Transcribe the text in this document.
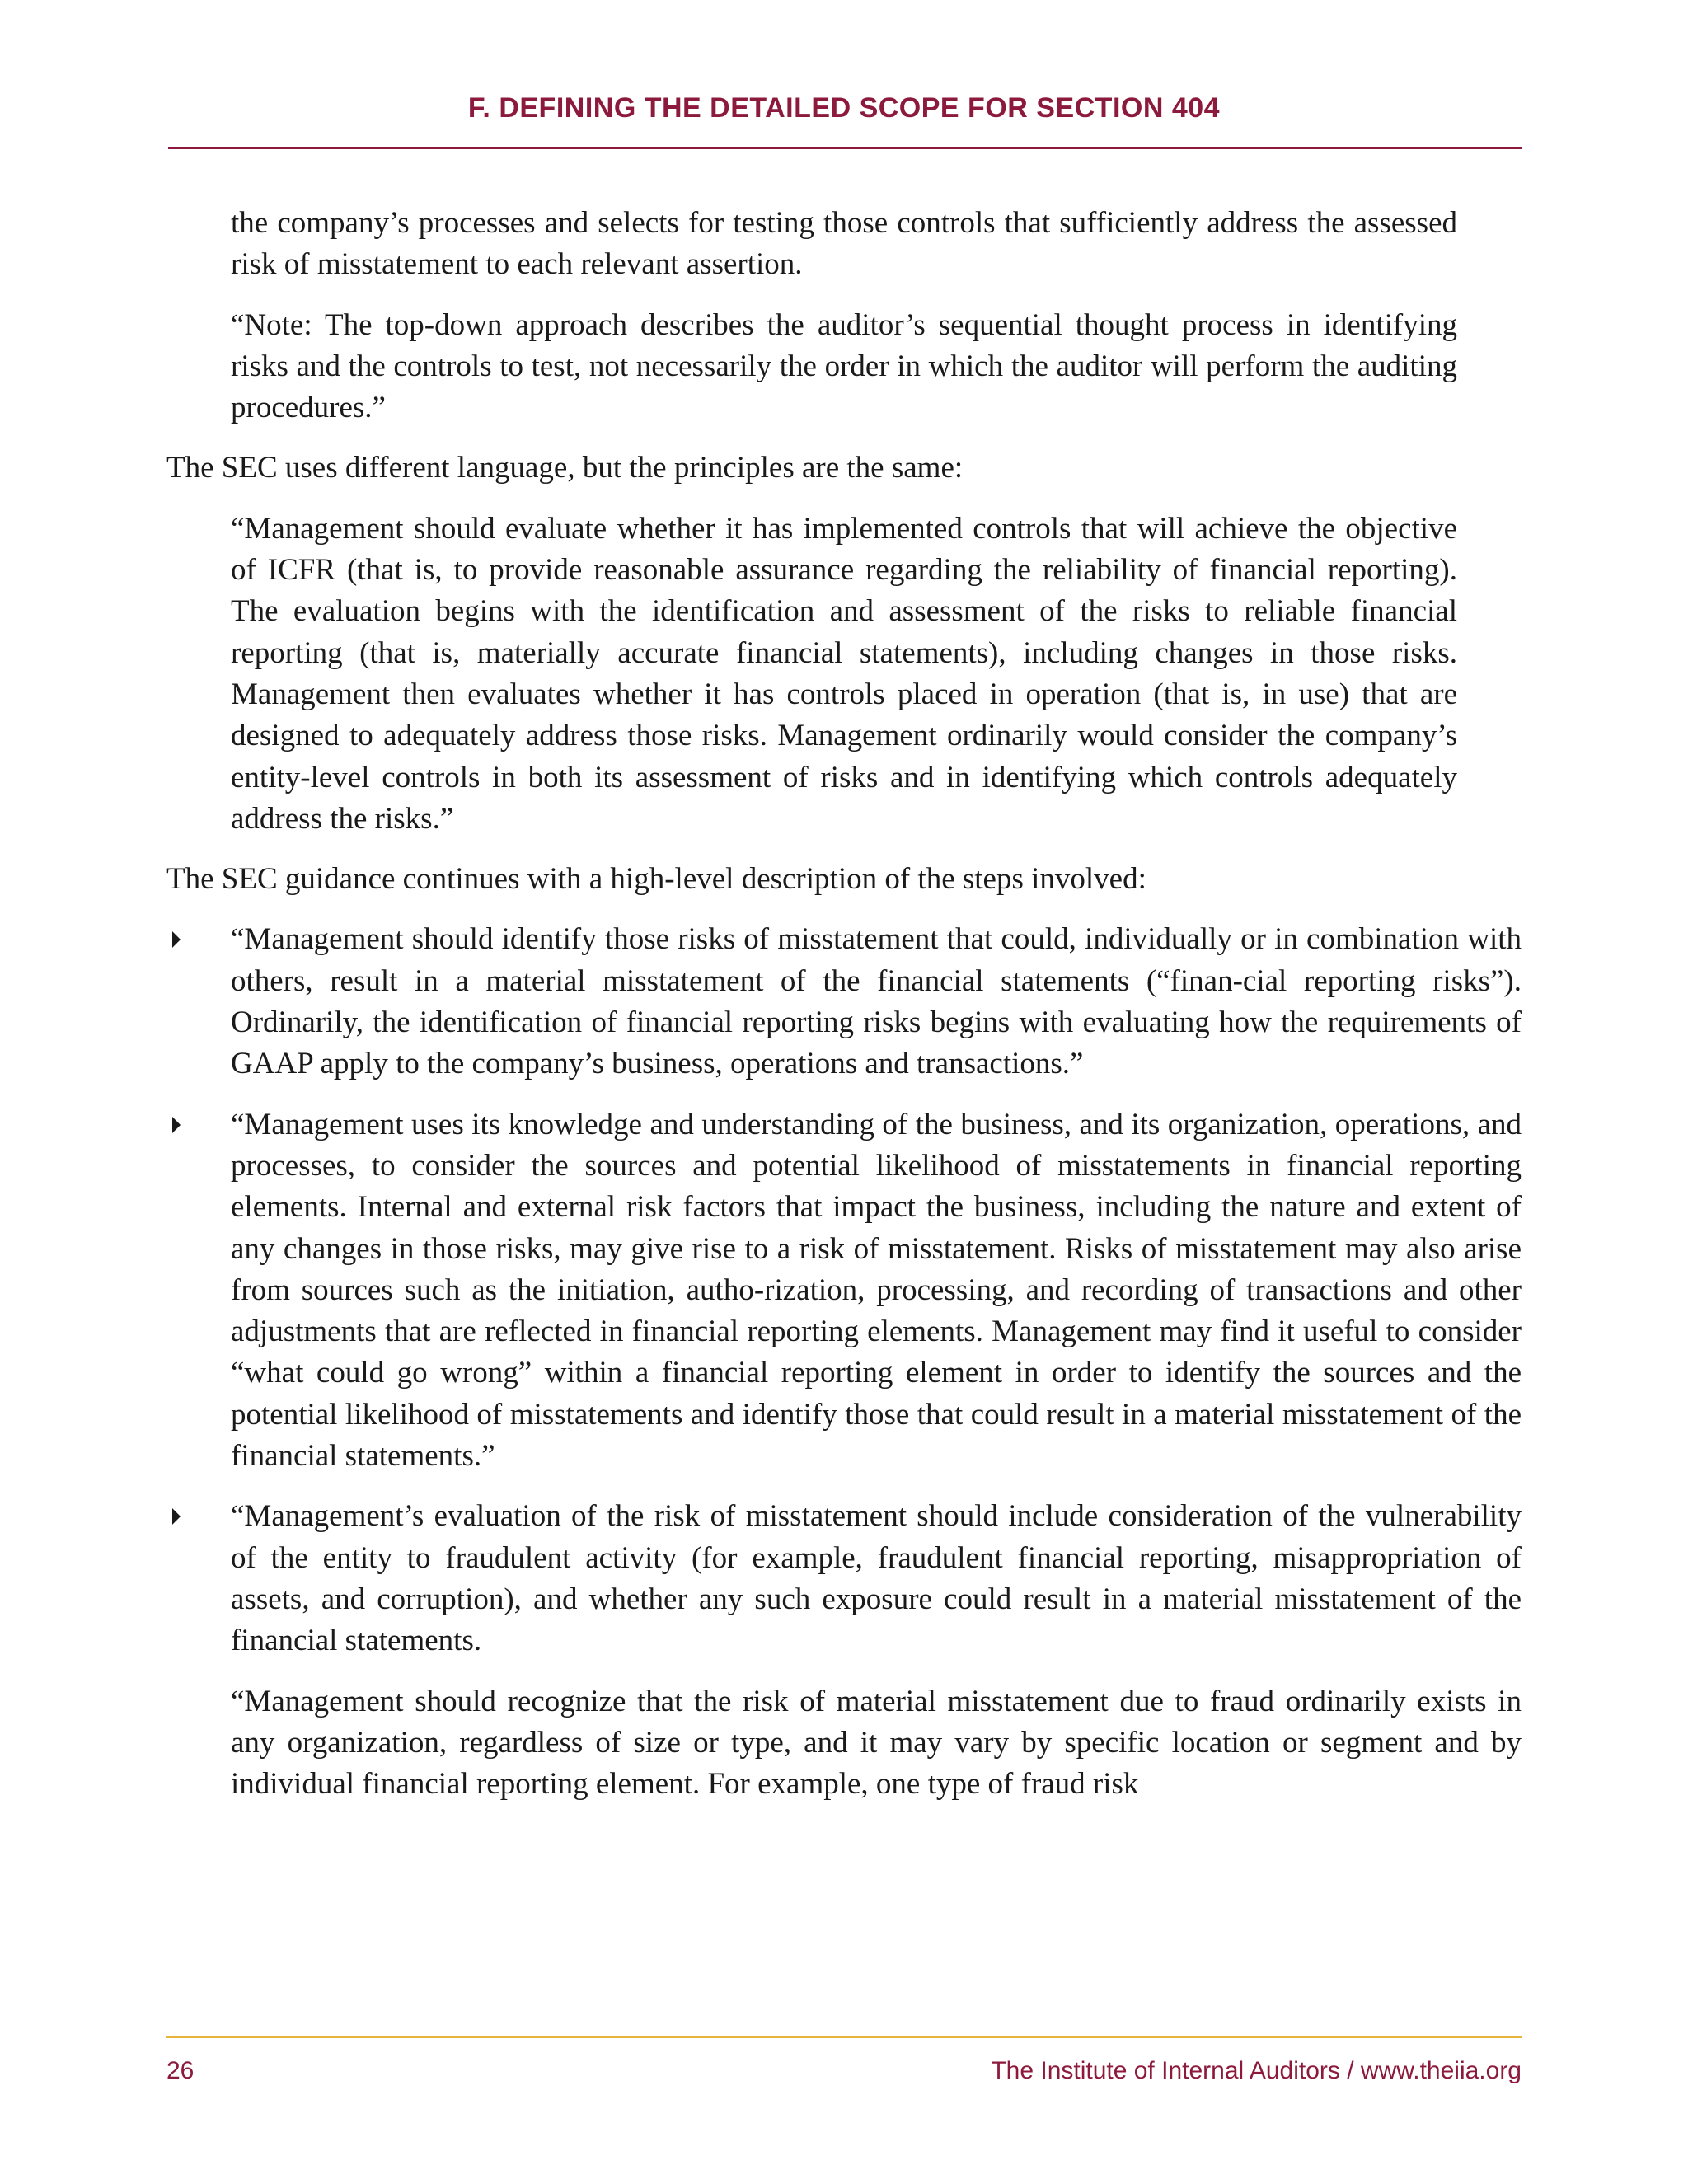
F. DEFINING THE DETAILED SCOPE FOR SECTION 404

the company’s processes and selects for testing those controls that sufficiently address the assessed risk of misstatement to each relevant assertion.

“Note: The top-down approach describes the auditor’s sequential thought process in identifying risks and the controls to test, not necessarily the order in which the auditor will perform the auditing procedures.”

The SEC uses different language, but the principles are the same:

“Management should evaluate whether it has implemented controls that will achieve the objective of ICFR (that is, to provide reasonable assurance regarding the reliability of financial reporting). The evaluation begins with the identification and assessment of the risks to reliable financial reporting (that is, materially accurate financial statements), including changes in those risks. Management then evaluates whether it has controls placed in operation (that is, in use) that are designed to adequately address those risks. Management ordinarily would consider the company’s entity-level controls in both its assessment of risks and in identifying which controls adequately address the risks.”

The SEC guidance continues with a high-level description of the steps involved:

“Management should identify those risks of misstatement that could, individually or in combination with others, result in a material misstatement of the financial statements (“finan-cial reporting risks”). Ordinarily, the identification of financial reporting risks begins with evaluating how the requirements of GAAP apply to the company’s business, operations and transactions.”
“Management uses its knowledge and understanding of the business, and its organization, operations, and processes, to consider the sources and potential likelihood of misstatements in financial reporting elements. Internal and external risk factors that impact the business, including the nature and extent of any changes in those risks, may give rise to a risk of misstatement. Risks of misstatement may also arise from sources such as the initiation, autho-rization, processing, and recording of transactions and other adjustments that are reflected in financial reporting elements. Management may find it useful to consider “what could go wrong” within a financial reporting element in order to identify the sources and the potential likelihood of misstatements and identify those that could result in a material misstatement of the financial statements.”
“Management’s evaluation of the risk of misstatement should include consideration of the vulnerability of the entity to fraudulent activity (for example, fraudulent financial reporting, misappropriation of assets, and corruption), and whether any such exposure could result in a material misstatement of the financial statements.

“Management should recognize that the risk of material misstatement due to fraud ordinarily exists in any organization, regardless of size or type, and it may vary by specific location or segment and by individual financial reporting element. For example, one type of fraud risk

26	The Institute of Internal Auditors / www.theiia.org
